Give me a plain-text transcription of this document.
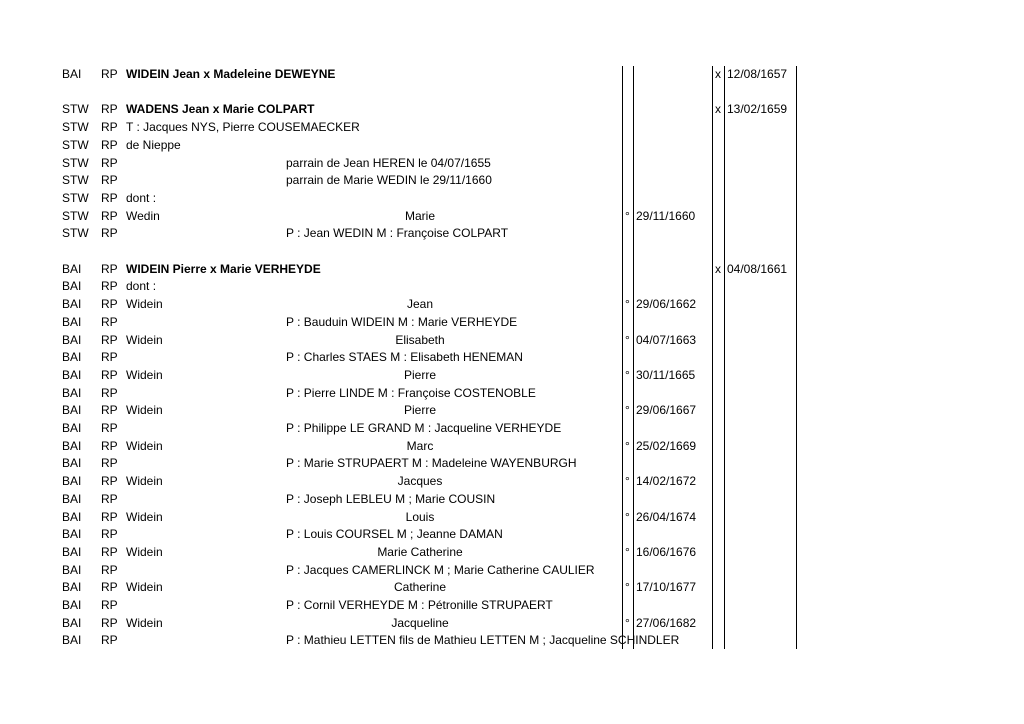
BAI RP WIDEIN Jean x Madeleine DEWEYNE	x 12/08/1657
STW RP WADENS Jean x Marie COLPART	x 13/02/1659
STW RP T : Jacques NYS, Pierre COUSEMAECKER
STW RP de Nieppe
STW RP	parrain de Jean HEREN le 04/07/1655
STW RP	parrain de Marie WEDIN le 29/11/1660
STW RP dont :
STW RP Wedin	Marie	° 29/11/1660
STW RP	P : Jean WEDIN M : Françoise COLPART
BAI RP WIDEIN Pierre x Marie VERHEYDE	x 04/08/1661
BAI RP dont :
BAI RP Widein	Jean	° 29/06/1662
BAI RP	P : Bauduin WIDEIN M : Marie VERHEYDE
BAI RP Widein	Elisabeth	° 04/07/1663
BAI RP	P : Charles STAES M : Elisabeth HENEMAN
BAI RP Widein	Pierre	° 30/11/1665
BAI RP	P : Pierre LINDE M : Françoise COSTENOBLE
BAI RP Widein	Pierre	° 29/06/1667
BAI RP	P : Philippe LE GRAND M : Jacqueline VERHEYDE
BAI RP Widein	Marc	° 25/02/1669
BAI RP	P : Marie STRUPAERT M : Madeleine WAYENBURGH
BAI RP Widein	Jacques	° 14/02/1672
BAI RP	P : Joseph LEBLEU M ; Marie COUSIN
BAI RP Widein	Louis	° 26/04/1674
BAI RP	P : Louis COURSEL M ; Jeanne DAMAN
BAI RP Widein	Marie Catherine	° 16/06/1676
BAI RP	P : Jacques CAMERLINCK M ; Marie Catherine CAULIER
BAI RP Widein	Catherine	° 17/10/1677
BAI RP	P : Cornil VERHEYDE M : Pétronille STRUPAERT
BAI RP Widein	Jacqueline	° 27/06/1682
BAI RP	P : Mathieu LETTEN fils de Mathieu LETTEN M ; Jacqueline SCHINDLER
